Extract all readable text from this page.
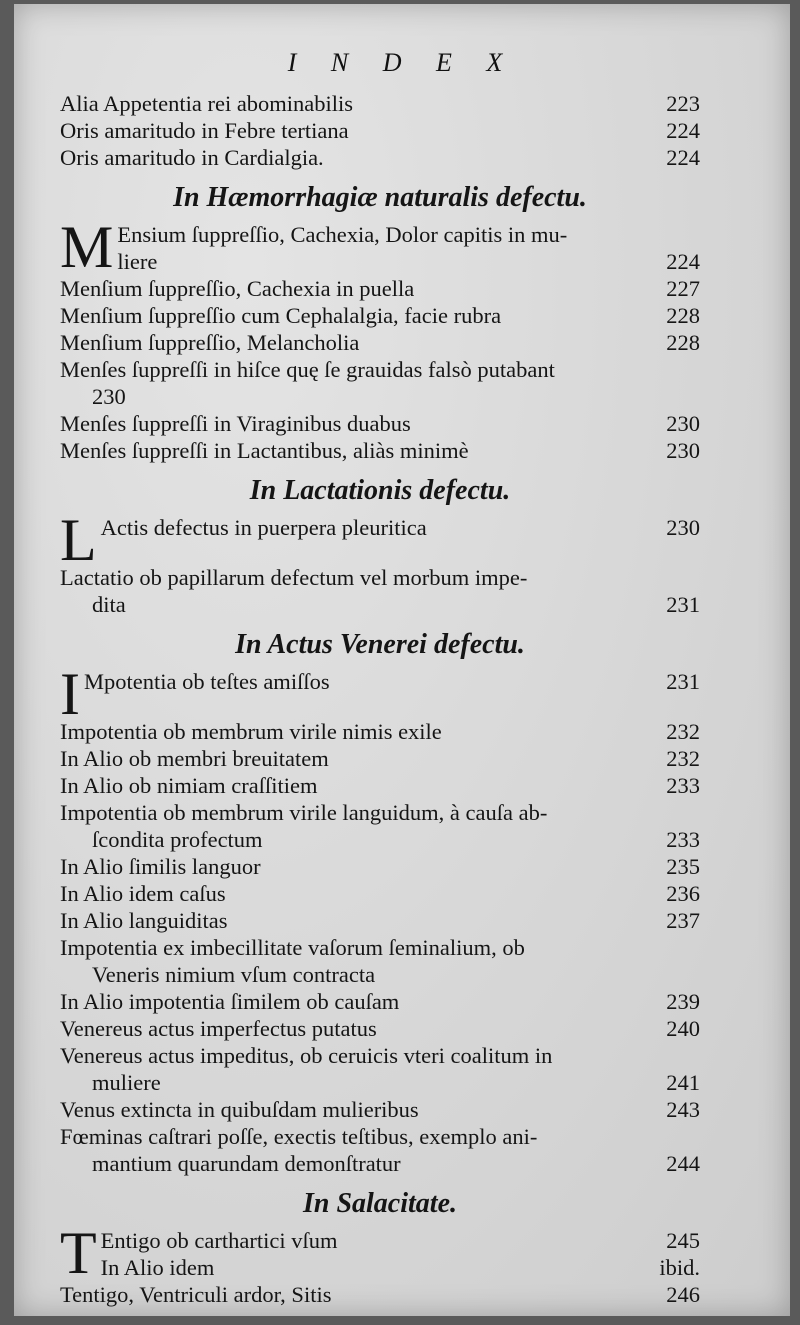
I N D E X
Alia Appetentia rei abominabilis	223
Oris amaritudo in Febre tertiana	224
Oris amaritudo in Cardialgia.	224
In Hæmorrhagiæ naturalis defectu.
M Ensium ſuppreſſio, Cachexia, Dolor capitis in mu-
liere	224
Menſium ſuppreſſio, Cachexia in puella	227
Menſium ſuppreſſio cum Cephalalgia, facie rubra	228
Menſium ſuppreſſio, Melancholia	228
Menſes ſuppreſſi in hiſce quę ſe grauidas falsò putabant
230
Menſes ſuppreſſi in Viraginibus duabus	230
Menſes ſuppreſſi in Lactantibus, aliàs minimè	230
In Lactationis defectu.
L Actis defectus in puerpera pleuritica	230
Lactatio ob papillarum defectum vel morbum impe-
dita	231
In Actus Venerei defectu.
I Mpotentia ob teſtes amiſſos	231
Impotentia ob membrum virile nimis exile	232
In Alio ob membri breuitatem	232
In Alio ob nimiam craſſitiem	233
Impotentia ob membrum virile languidum, à cauſa ab-
ſcondita profectum	233
In Alio ſimilis languor	235
In Alio idem caſus	236
In Alio languiditas	237
Impotentia ex imbecillitate vaſorum ſeminalium, ob
Veneris nimium vſum contracta
In Alio impotentia ſimilem ob cauſam	239
Venereus actus imperfectus putatus	240
Venereus actus impeditus, ob ceruicis vteri coalitum in
muliere	241
Venus extincta in quibuſdam mulieribus	243
Fœminas caſtrari poſſe, exectis teſtibus, exemplo ani-
mantium quarundam demonſtratur	244
In Salacitate.
T Entigo ob carthartici vſum	245
In Alio idem	ibid.
Tentigo, Ventriculi ardor, Sitis	246
